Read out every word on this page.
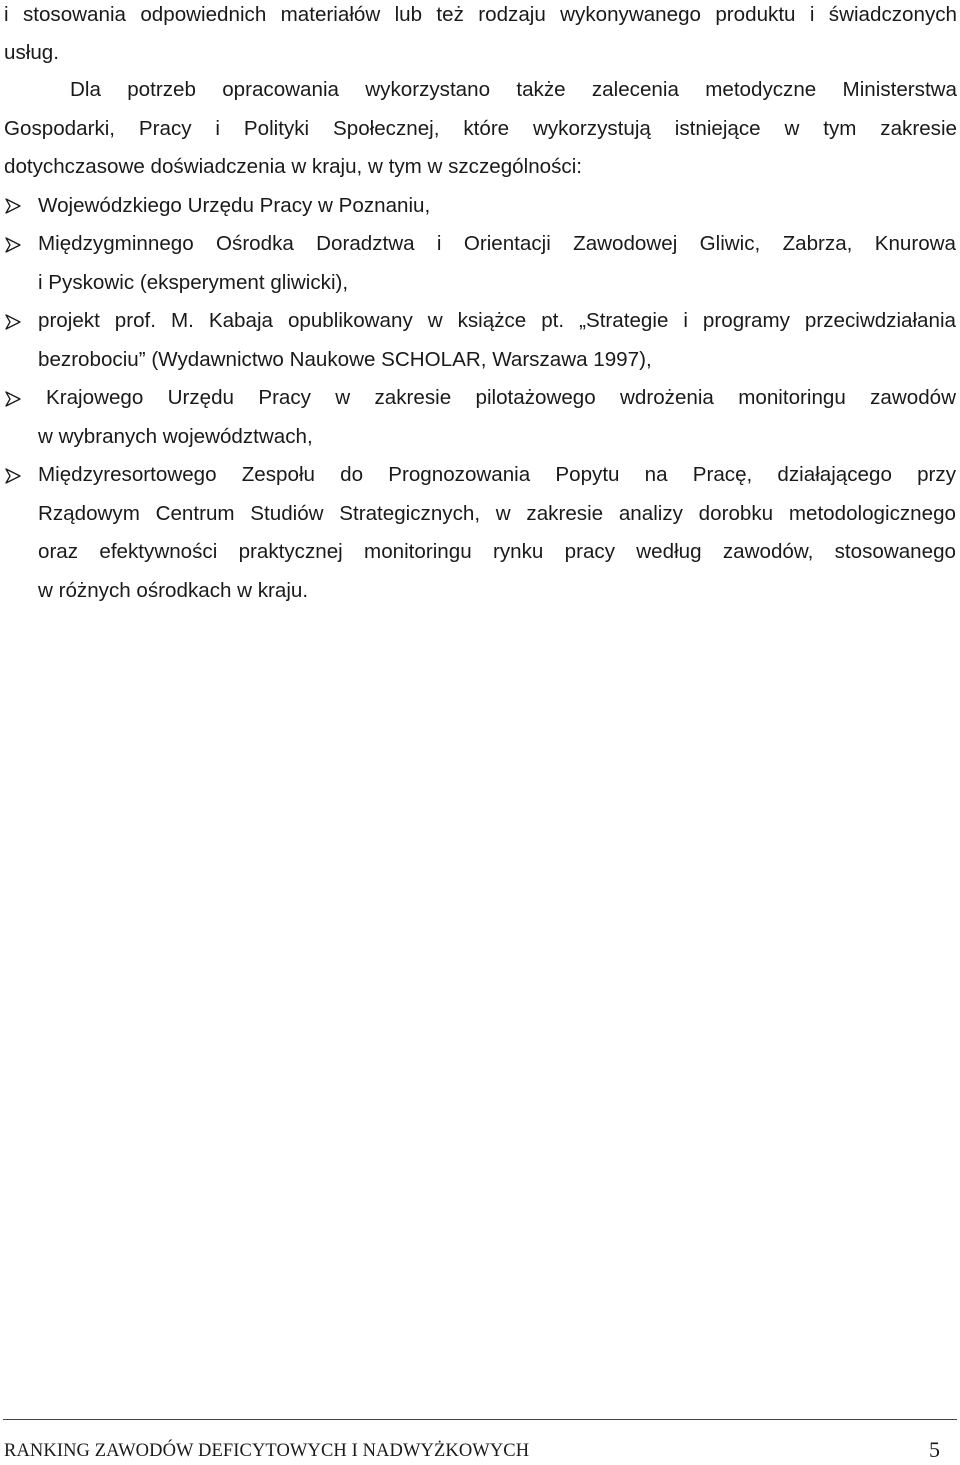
i stosowania odpowiednich materiałów lub też rodzaju wykonywanego produktu i świadczonych
usług.
Dla potrzeb opracowania wykorzystano także zalecenia metodyczne Ministerstwa
Gospodarki, Pracy i Polityki Społecznej, które wykorzystują istniejące w tym zakresie
dotychczasowe doświadczenia w kraju, w tym w szczególności:
Wojewódzkiego Urzędu Pracy w Poznaniu,
Międzygminnego Ośrodka Doradztwa i Orientacji Zawodowej Gliwic, Zabrza, Knurowa
i Pyskowic (eksperyment gliwicki),
projekt prof. M. Kabaja opublikowany w książce pt. „Strategie i programy przeciwdziałania
bezrobociu” (Wydawnictwo Naukowe SCHOLAR, Warszawa 1997),
Krajowego Urzędu Pracy w zakresie pilotażowego wdrożenia monitoringu zawodów
w wybranych województwach,
Międzyresortowego Zespołu do Prognozowania Popytu na Pracę, działającego przy
Rządowym Centrum Studiów Strategicznych, w zakresie analizy dorobku metodologicznego
oraz efektywności praktycznej monitoringu rynku pracy według zawodów, stosowanego
w różnych ośrodkach w kraju.
RANKING ZAWODÓW DEFICYTOWYCH I NADWYŻKOWYCH	5
